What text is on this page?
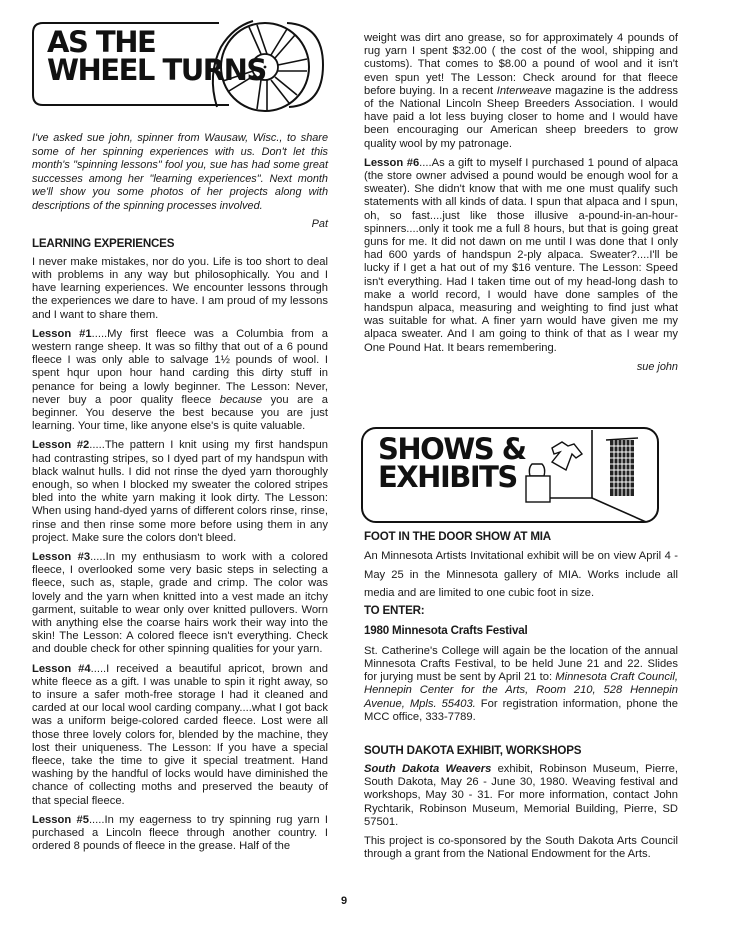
AS THE
WHEEL TURNS

I've asked sue john, spinner from Wausaw, Wisc., to share some of her spinning experiences with us. Don't let this month's "spinning lessons" fool you, sue has had some great successes among her "learning experiences". Next month we'll show you some photos of her projects along with descriptions of the spinning processes involved.

Pat

LEARNING EXPERIENCES

I never make mistakes, nor do you. Life is too short to deal with problems in any way but philosophically. You and I have learning experiences. We encounter lessons through the experiences we dare to have. I am proud of my lessons and I want to share them.

Lesson #1.....My first fleece was a Columbia from a western range sheep. It was so filthy that out of a 6 pound fleece I was only able to salvage 1½ pounds of wool. I spent hqur upon hour hand carding this dirty stuff in penance for being a lowly beginner. The Lesson: Never, never buy a poor quality fleece because you are a beginner. You deserve the best because you are just learning. Your time, like anyone else's is quite valuable.

Lesson #2.....The pattern I knit using my first handspun had contrasting stripes, so I dyed part of my handspun with black walnut hulls. I did not rinse the dyed yarn thoroughly enough, so when I blocked my sweater the colored stripes bled into the white yarn making it look dirty. The Lesson: When using hand-dyed yarns of different colors rinse, rinse, rinse and then rinse some more before using them in any project. Make sure the colors don't bleed.

Lesson #3.....In my enthusiasm to work with a colored fleece, I overlooked some very basic steps in selecting a fleece, such as, staple, grade and crimp. The color was lovely and the yarn when knitted into a vest made an itchy garment, suitable to wear only over knitted pullovers. Worn with anything else the coarse hairs work their way into the skin! The Lesson: A colored fleece isn't everything. Check and double check for other spinning qualities for your yarn.

Lesson #4.....I received a beautiful apricot, brown and white fleece as a gift. I was unable to spin it right away, so to insure a safer moth-free storage I had it cleaned and carded at our local wool carding company....what I got back was a uniform beige-colored carded fleece. Lost were all those three lovely colors for, blended by the machine, they lost their uniqueness. The Lesson: If you have a special fleece, take the time to give it special treatment. Hand washing by the handful of locks would have diminished the chance of collecting moths and preserved the beauty of that special fleece.

Lesson #5.....In my eagerness to try spinning rug yarn I purchased a Lincoln fleece through another country. I ordered 8 pounds of fleece in the grease. Half of the

weight was dirt ano grease, so for approximately 4 pounds of rug yarn I spent $32.00 ( the cost of the wool, shipping and customs). That comes to $8.00 a pound of wool and it isn't even spun yet! The Lesson: Check around for that fleece before buying. In a recent Interweave magazine is the address of the National Lincoln Sheep Breeders Association. I would have paid a lot less buying closer to home and I would have been encouraging our American sheep breeders to grow quality wool by my patronage.

Lesson #6....As a gift to myself I purchased 1 pound of alpaca (the store owner advised a pound would be enough wool for a sweater). She didn't know that with me one must qualify such statements with all kinds of data. I spun that alpaca and I spun, oh, so fast....just like those illusive a-pound-in-an-hour-spinners....only it took me a full 8 hours, but that is going great guns for me. It did not dawn on me until I was done that I only had 600 yards of handspun 2-ply alpaca. Sweater?....I'll be lucky if I get a hat out of my $16 venture. The Lesson: Speed isn't everything. Had I taken time out of my head-long dash to make a world record, I would have done samples of the handspun alpaca, measuring and weighting to find just what was suitable for what. A finer yarn would have given me my alpaca sweater. And I am going to think of that as I wear my One Pound Hat. It bears remembering.

sue john

SHOWS &
EXHIBITS
FOOT IN THE DOOR SHOW AT MIA

An Minnesota Artists Invitational exhibit will be on view April 4 - May 25 in the Minnesota gallery of MIA. Works include all media and are limited to one cubic foot in size.

TO ENTER:
1980 Minnesota Crafts Festival

St. Catherine's College will again be the location of the annual Minnesota Crafts Festival, to be held June 21 and 22. Slides for jurying must be sent by April 21 to: Minnesota Craft Council, Hennepin Center for the Arts, Room 210, 528 Hennepin Avenue, Mpls. 55403. For registration information, phone the MCC office, 333-7789.

SOUTH DAKOTA EXHIBIT, WORKSHOPS

South Dakota Weavers exhibit, Robinson Museum, Pierre, South Dakota, May 26 - June 30, 1980. Weaving festival and workshops, May 30 - 31. For more information, contact John Rychtarik, Robinson Museum, Memorial Building, Pierre, SD 57501.

This project is co-sponsored by the South Dakota Arts Council through a grant from the National Endowment for the Arts.

9
